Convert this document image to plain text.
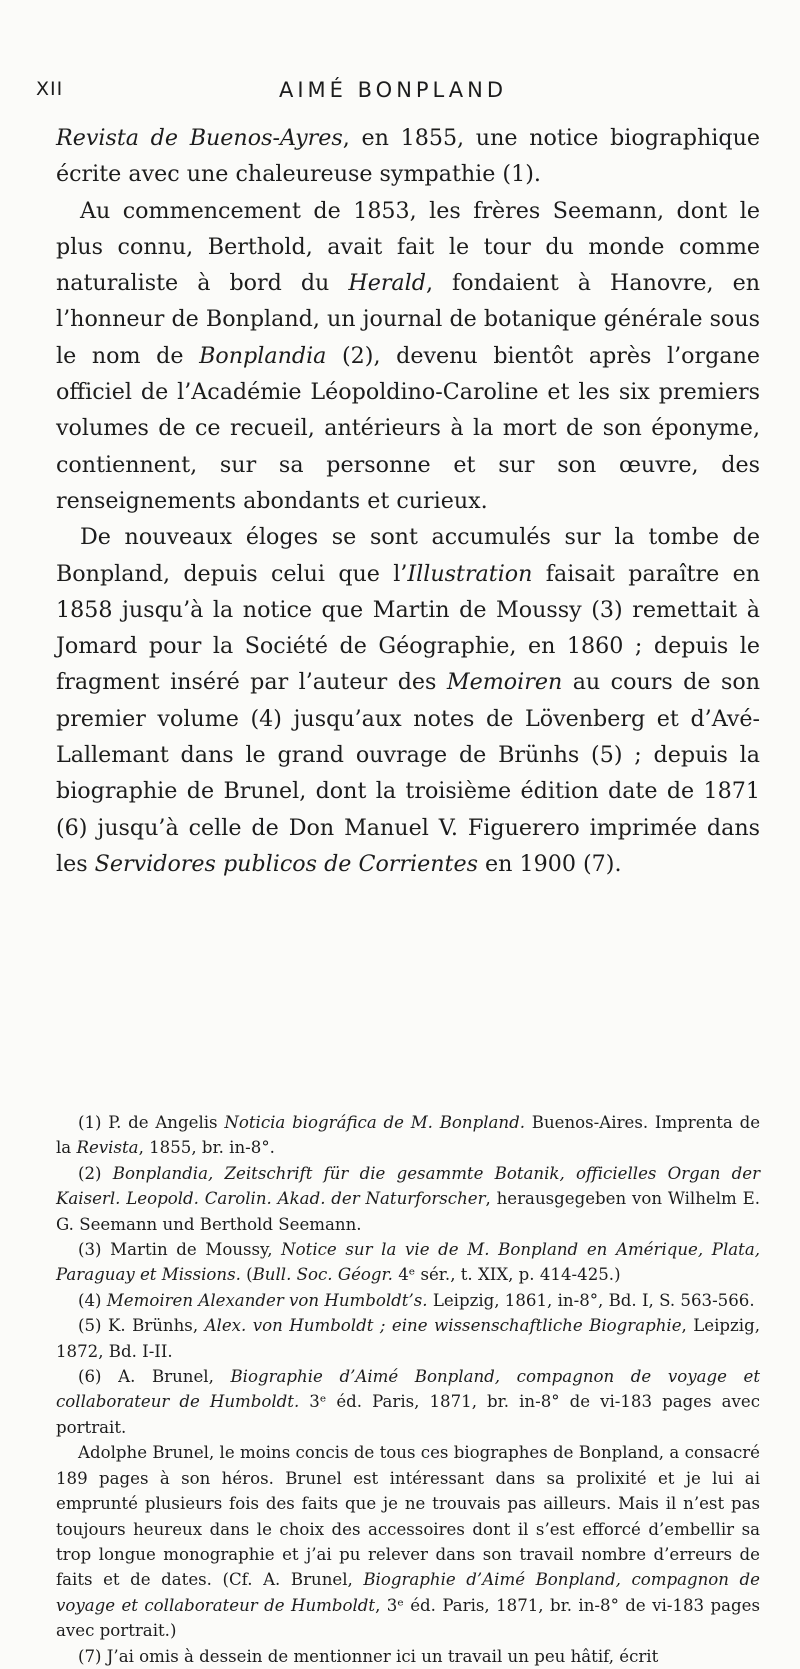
XII	AIMÉ BONPLAND

Revista de Buenos-Ayres, en 1855, une notice biographique écrite avec une chaleureuse sympathie (1).

Au commencement de 1853, les frères Seemann, dont le plus connu, Berthold, avait fait le tour du monde comme naturaliste à bord du Herald, fondaient à Hanovre, en l’honneur de Bonpland, un journal de botanique générale sous le nom de Bonplandia (2), devenu bientôt après l’organe officiel de l’Académie Léopoldino-Caroline et les six premiers volumes de ce recueil, antérieurs à la mort de son éponyme, contiennent, sur sa personne et sur son œuvre, des renseignements abondants et curieux.

De nouveaux éloges se sont accumulés sur la tombe de Bonpland, depuis celui que l’Illustration faisait paraître en 1858 jusqu’à la notice que Martin de Moussy (3) remettait à Jomard pour la Société de Géographie, en 1860 ; depuis le fragment inséré par l’auteur des Memoiren au cours de son premier volume (4) jusqu’aux notes de Lövenberg et d’Avé-Lallemant dans le grand ouvrage de Brünhs (5) ; depuis la biographie de Brunel, dont la troisième édition date de 1871 (6) jusqu’à celle de Don Manuel V. Figuerero imprimée dans les Servidores publicos de Corrientes en 1900 (7).

(1) P. de Angelis Noticia biográfica de M. Bonpland. Buenos-Aires. Imprenta de la Revista, 1855, br. in-8°.

(2) Bonplandia, Zeitschrift für die gesammte Botanik, officielles Organ der Kaiserl. Leopold. Carolin. Akad. der Naturforscher, herausgegeben von Wilhelm E. G. Seemann und Berthold Seemann.

(3) Martin de Moussy, Notice sur la vie de M. Bonpland en Amérique, Plata, Paraguay et Missions. (Bull. Soc. Géogr. 4ᵉ sér., t. XIX, p. 414-425.)

(4) Memoiren Alexander von Humboldt’s. Leipzig, 1861, in-8°, Bd. I, S. 563-566.

(5) K. Brünhs, Alex. von Humboldt ; eine wissenschaftliche Biographie, Leipzig, 1872, Bd. I-II.

(6) A. Brunel, Biographie d’Aimé Bonpland, compagnon de voyage et collaborateur de Humboldt. 3ᵉ éd. Paris, 1871, br. in-8° de vi-183 pages avec portrait.

Adolphe Brunel, le moins concis de tous ces biographes de Bonpland, a consacré 189 pages à son héros. Brunel est intéressant dans sa prolixité et je lui ai emprunté plusieurs fois des faits que je ne trouvais pas ailleurs. Mais il n’est pas toujours heureux dans le choix des accessoires dont il s’est efforcé d’embellir sa trop longue monographie et j’ai pu relever dans son travail nombre d’erreurs de faits et de dates. (Cf. A. Brunel, Biographie d’Aimé Bonpland, compagnon de voyage et collaborateur de Humboldt, 3ᵉ éd. Paris, 1871, br. in-8° de vi-183 pages avec portrait.)

(7) J’ai omis à dessein de mentionner ici un travail un peu hâtif, écrit
